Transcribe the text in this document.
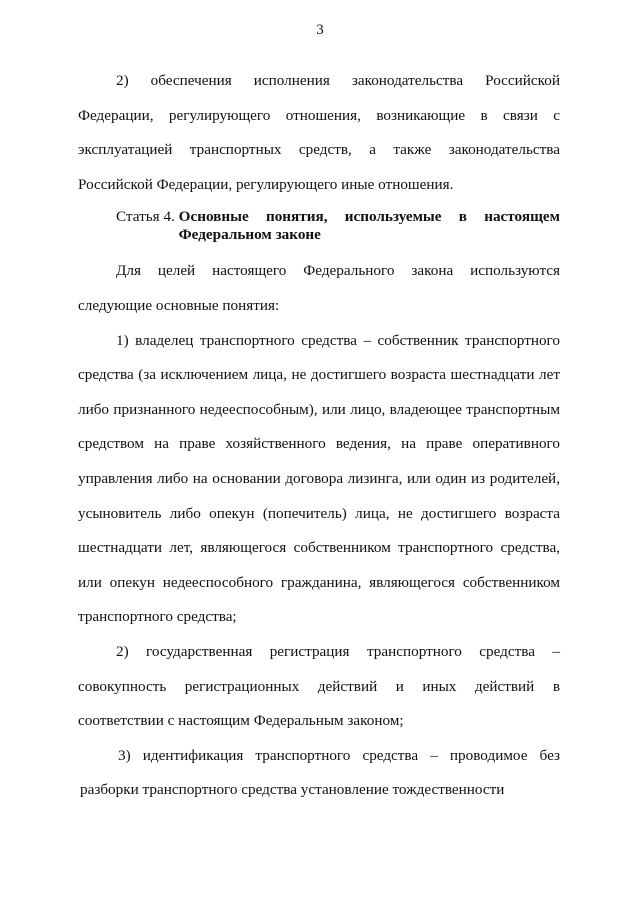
3

2) обеспечения исполнения законодательства Российской Федерации, регулирующего отношения, возникающие в связи с эксплуатацией транспортных средств, а также законодательства Российской Федерации, регулирующего иные отношения.

Статья 4. Основные понятия, используемые в настоящем Федеральном законе

Для целей настоящего Федерального закона используются следующие основные понятия:

1) владелец транспортного средства – собственник транспортного средства (за исключением лица, не достигшего возраста шестнадцати лет либо признанного недееспособным), или лицо, владеющее транспортным средством на праве хозяйственного ведения, на праве оперативного управления либо на основании договора лизинга, или один из родителей, усыновитель либо опекун (попечитель) лица, не достигшего возраста шестнадцати лет, являющегося собственником транспортного средства, или опекун недееспособного гражданина, являющегося собственником транспортного средства;

2) государственная регистрация транспортного средства – совокупность регистрационных действий и иных действий в соответствии с настоящим Федеральным законом;

3) идентификация транспортного средства – проводимое без разборки транспортного средства установление тождественности
